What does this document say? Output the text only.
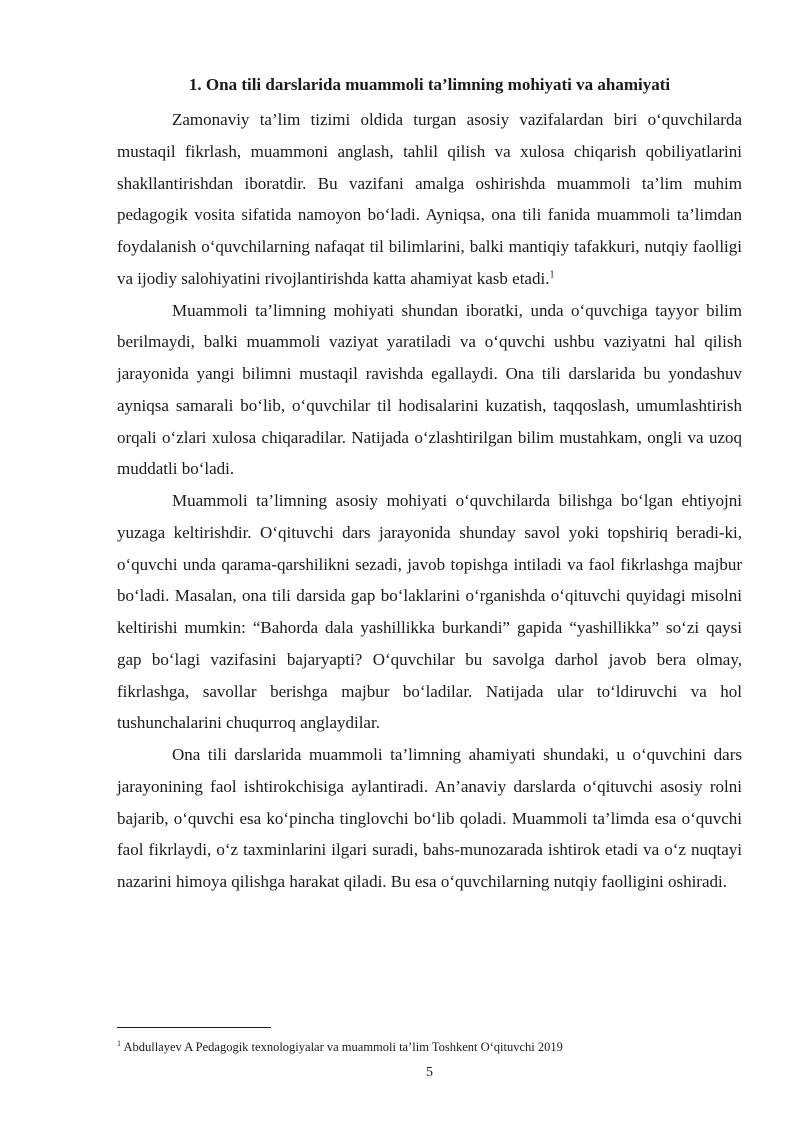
1. Ona tili darslarida muammoli ta’limning mohiyati va ahamiyati

Zamonaviy ta’lim tizimi oldida turgan asosiy vazifalardan biri o‘quvchilarda mustaqil fikrlash, muammoni anglash, tahlil qilish va xulosa chiqarish qobiliyatlarini shakllantirishdan iboratdir. Bu vazifani amalga oshirishda muammoli ta’lim muhim pedagogik vosita sifatida namoyon bo‘ladi. Ayniqsa, ona tili fanida muammoli ta’limdan foydalanish o‘quvchilarning nafaqat til bilimlarini, balki mantiqiy tafakkuri, nutqiy faolligi va ijodiy salohiyatini rivojlantirishda katta ahamiyat kasb etadi.$^1$

Muammoli ta’limning mohiyati shundan iboratki, unda o‘quvchiga tayyor bilim berilmaydi, balki muammoli vaziyat yaratiladi va o‘quvchi ushbu vaziyatni hal qilish jarayonida yangi bilimni mustaqil ravishda egallaydi. Ona tili darslarida bu yondashuv ayniqsa samarali bo‘lib, o‘quvchilar til hodisalarini kuzatish, taqqoslash, umumlashtirish orqali o‘zlari xulosa chiqaradilar. Natijada o‘zlashtirilgan bilim mustahkam, ongli va uzoq muddatli bo‘ladi.

Muammoli ta’limning asosiy mohiyati o‘quvchilarda bilishga bo‘lgan ehtiyojni yuzaga keltirishdir. O‘qituvchi dars jarayonida shunday savol yoki topshiriq beradi-ki, o‘quvchi unda qarama-qarshilikni sezadi, javob topishga intiladi va faol fikrlashga majbur bo‘ladi. Masalan, ona tili darsida gap bo‘laklarini o‘rganishda o‘qituvchi quyidagi misolni keltirishi mumkin: “Bahorda dala yashillikka burkandi” gapida “yashillikka” so‘zi qaysi gap bo‘lagi vazifasini bajaryapti? O‘quvchilar bu savolga darhol javob bera olmay, fikrlashga, savollar berishga majbur bo‘ladilar. Natijada ular to‘ldiruvchi va hol tushunchalarini chuqurroq anglaydilar.

Ona tili darslarida muammoli ta’limning ahamiyati shundaki, u o‘quvchini dars jarayonining faol ishtirokchisiga aylantiradi. An’anaviy darslarda o‘qituvchi asosiy rolni bajarib, o‘quvchi esa ko‘pincha tinglovchi bo‘lib qoladi. Muammoli ta’limda esa o‘quvchi faol fikrlaydi, o‘z taxminlarini ilgari suradi, bahs-munozarada ishtirok etadi va o‘z nuqtayi nazarini himoya qilishga harakat qiladi. Bu esa o‘quvchilarning nutqiy faolligini oshiradi.

$^1$ Abdullayev A Pedagogik texnologiyalar va muammoli ta’lim Toshkent O‘qituvchi 2019

5
